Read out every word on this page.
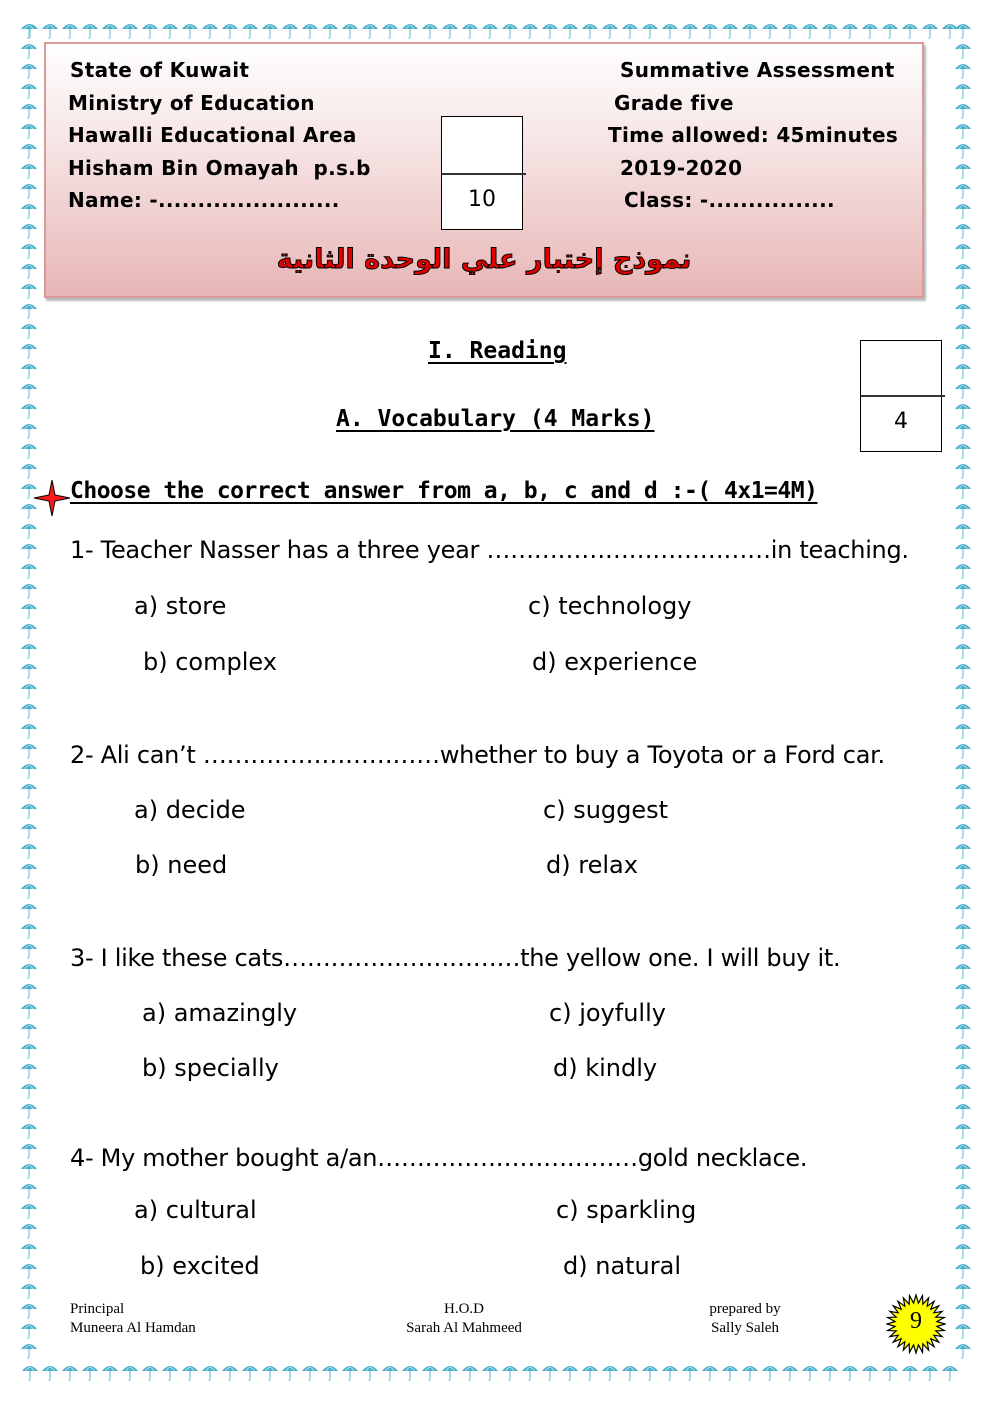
State of Kuwait
Ministry of Education
Hawalli Educational Area
Hisham Bin Omayah  p.s.b
Name: -.......................
Summative Assessment
Grade five
Time allowed: 45minutes
2019-2020
Class: -................
10
نموذج إختبار علي الوحدة الثانية
I. Reading
A. Vocabulary (4 Marks)	4
Choose the correct answer from a, b, c and d :-( 4x1=4M)
1- Teacher Nasser has a three year ………………………………in teaching.
a) store	c) technology
b) complex	d) experience
2- Ali can’t …………………………whether to buy a Toyota or a Ford car.
a) decide	c) suggest
b) need	d) relax
3- I like these cats…………………………the yellow one. I will buy it.
a) amazingly	c) joyfully
b) specially	d) kindly
4- My mother bought a/an……………………………gold necklace.
a) cultural	c) sparkling
b) excited	d) natural
Principal
Muneera Al Hamdan
H.O.D
Sarah Al Mahmeed
prepared by
Sally Saleh	9
